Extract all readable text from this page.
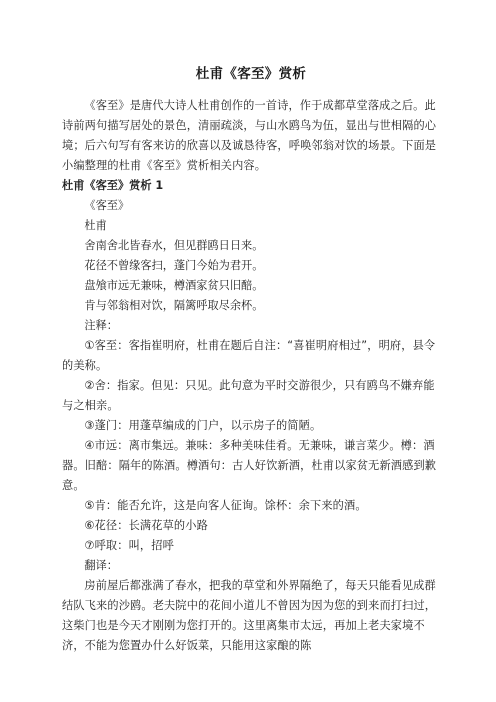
杜甫《客至》赏析

《客至》是唐代大诗人杜甫创作的一首诗，作于成都草堂落成之后。此诗前两句描写居处的景色，清丽疏淡，与山水鸥鸟为伍，显出与世相隔的心境；后六句写有客来访的欣喜以及诚恳待客，呼唤邻翁对饮的场景。下面是小编整理的杜甫《客至》赏析相关内容。

杜甫《客至》赏析 1

《客至》

杜甫

舍南舍北皆春水，但见群鸥日日来。

花径不曾缘客扫，蓬门今始为君开。

盘飧市远无兼味，樽酒家贫只旧醅。

肯与邻翁相对饮，隔篱呼取尽余杯。

注释：

①客至：客指崔明府，杜甫在题后自注：“喜崔明府相过”，明府，县令的美称。

②舍：指家。但见：只见。此句意为平时交游很少，只有鸥鸟不嫌弃能与之相亲。

③蓬门：用蓬草编成的门户，以示房子的简陋。

④市远：离市集远。兼味：多种美味佳肴。无兼味，谦言菜少。樽：酒器。旧醅：隔年的陈酒。樽酒句：古人好饮新酒，杜甫以家贫无新酒感到歉意。

⑤肯：能否允许，这是向客人征询。馀杯：余下来的酒。

⑥花径：长满花草的小路

⑦呼取：叫，招呼

翻译：

房前屋后都涨满了春水，把我的草堂和外界隔绝了，每天只能看见成群结队飞来的沙鸥。老夫院中的花间小道儿不曾因为因为您的到来而打扫过，这柴门也是今天才刚刚为您打开的。这里离集市太远，再加上老夫家境不济，不能为您置办什么好饭菜，只能用这家酿的陈
